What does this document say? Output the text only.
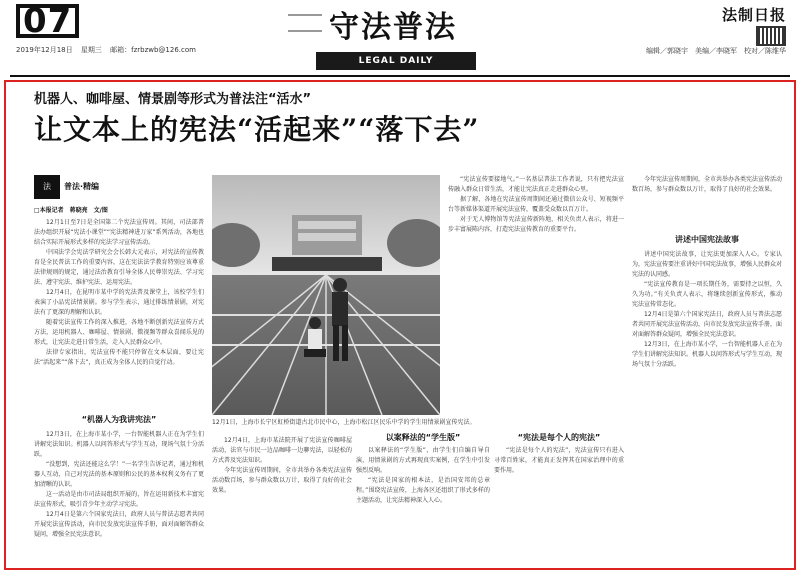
07
2019年12月18日 星期三 邮箱：fzrbzwb@126.com
守法普法
LEGAL DAILY
法制日报
编辑／郭晓宇　美编／李晓军　校对／陈维华
机器人、咖啡屋、情景剧等形式为普法注“活水”
让文本上的宪法“活起来”“落下去”
法	普法·精编
□本报记者　蒋晓亮　文/图

12月1日至7日是全国第二个宪法宣传周。其间，司法部普法办组织开展“宪法小课堂”“宪法精神进万家”系列活动，各地也结合实际开展形式多样的宪法学习宣传活动。

中国法学会宪法学研究会会长韩大元表示，对宪法的宣传教育是全民普法工作的重要内容，这在宪法法学教育特别应该尊重法律规则的规定，通过法治教育引导全体人民尊崇宪法、学习宪法、遵守宪法、维护宪法、运用宪法。

12月4日，在昆明市某中学的宪法普及课堂上，该校学生们表演了小品宪法情景剧。参与学生表示，通过排练情景剧，对宪法有了更深的理解和认识。

随着宪法宣传工作的深入推进，各地不断创新宪法宣传方式方法，运用机器人、咖啡屋、情景剧、微视频等群众喜闻乐见的形式，让宪法走进日常生活，走入人民群众心中。

法律专家指出，宪法宣传不能只停留在文本层面，要让宪法“活起来”“落下去”，真正成为全体人民的自觉行动。

“机器人为我讲宪法”

12月3日，在上海市某小学，一台智能机器人正在为学生们讲解宪法知识。机器人以问答形式与学生互动，现场气氛十分活跃。

“没想到，宪法还能这么学！”一名学生告诉记者，通过和机器人互动，自己对宪法的基本原则和公民的基本权利义务有了更加清晰的认识。

这一活动是由市司法局组织开展的，旨在运用新技术丰富宪法宣传形式，吸引青少年主动学习宪法。

12月4日是第六个国家宪法日，政府人员与普法志愿者共同开展宪法宣传活动，向市民发放宪法宣传手册，面对面解答群众疑问，增强全民宪法意识。

12月1日，上海市长宁区虹桥街道古北市民中心，上海市松江区民乐中学的学生用情景剧宣传宪法。

12月4日，上海市某法院开展了宪法宣传咖啡屋活动，法官与市民一边品咖啡一边聊宪法，以轻松的方式普及宪法知识。

今年宪法宣传周期间，全市共举办各类宪法宣传活动数百场，参与群众数以万计，取得了良好的社会效果。

以案释法的“学生版”

以案释法的“学生版”，由学生们自编自导自演，用情景剧的方式再现真实案例，在学生中引发强烈反响。

“宪法是国家的根本法，是治国安邦的总章程。”围绕宪法宣传，上海各区还组织了形式多样的主题活动，让宪法精神深入人心。

“宪法宣传要接地气。”一名基层普法工作者说，只有把宪法宣传融入群众日常生活，才能让宪法真正走进群众心里。

据了解，各地在宪法宣传周期间还通过微信公众号、短视频平台等新媒体渠道开展宪法宣传，覆盖受众数以百万计。

对于无人博物馆等宪法宣传新阵地，相关负责人表示，将进一步丰富展陈内容，打造宪法宣传教育的重要平台。

“宪法是每个人的宪法”

“宪法是每个人的宪法”，宪法宣传只有进入寻常百姓家，才能真正发挥其在国家治理中的重要作用。

今年宪法宣传周期间，全市共举办各类宪法宣传活动数百场，参与群众数以万计，取得了良好的社会效果。

讲述中国宪法故事

讲述中国宪法故事，让宪法更加深入人心。专家认为，宪法宣传要注重讲好中国宪法故事，增强人民群众对宪法的认同感。

“宪法宣传教育是一项长期任务，需要持之以恒，久久为功。”有关负责人表示，将继续创新宣传形式，推动宪法宣传常态化。

12月4日是第六个国家宪法日，政府人员与普法志愿者共同开展宪法宣传活动，向市民发放宪法宣传手册，面对面解答群众疑问，增强全民宪法意识。

12月3日，在上海市某小学，一台智能机器人正在为学生们讲解宪法知识。机器人以问答形式与学生互动，现场气氛十分活跃。
